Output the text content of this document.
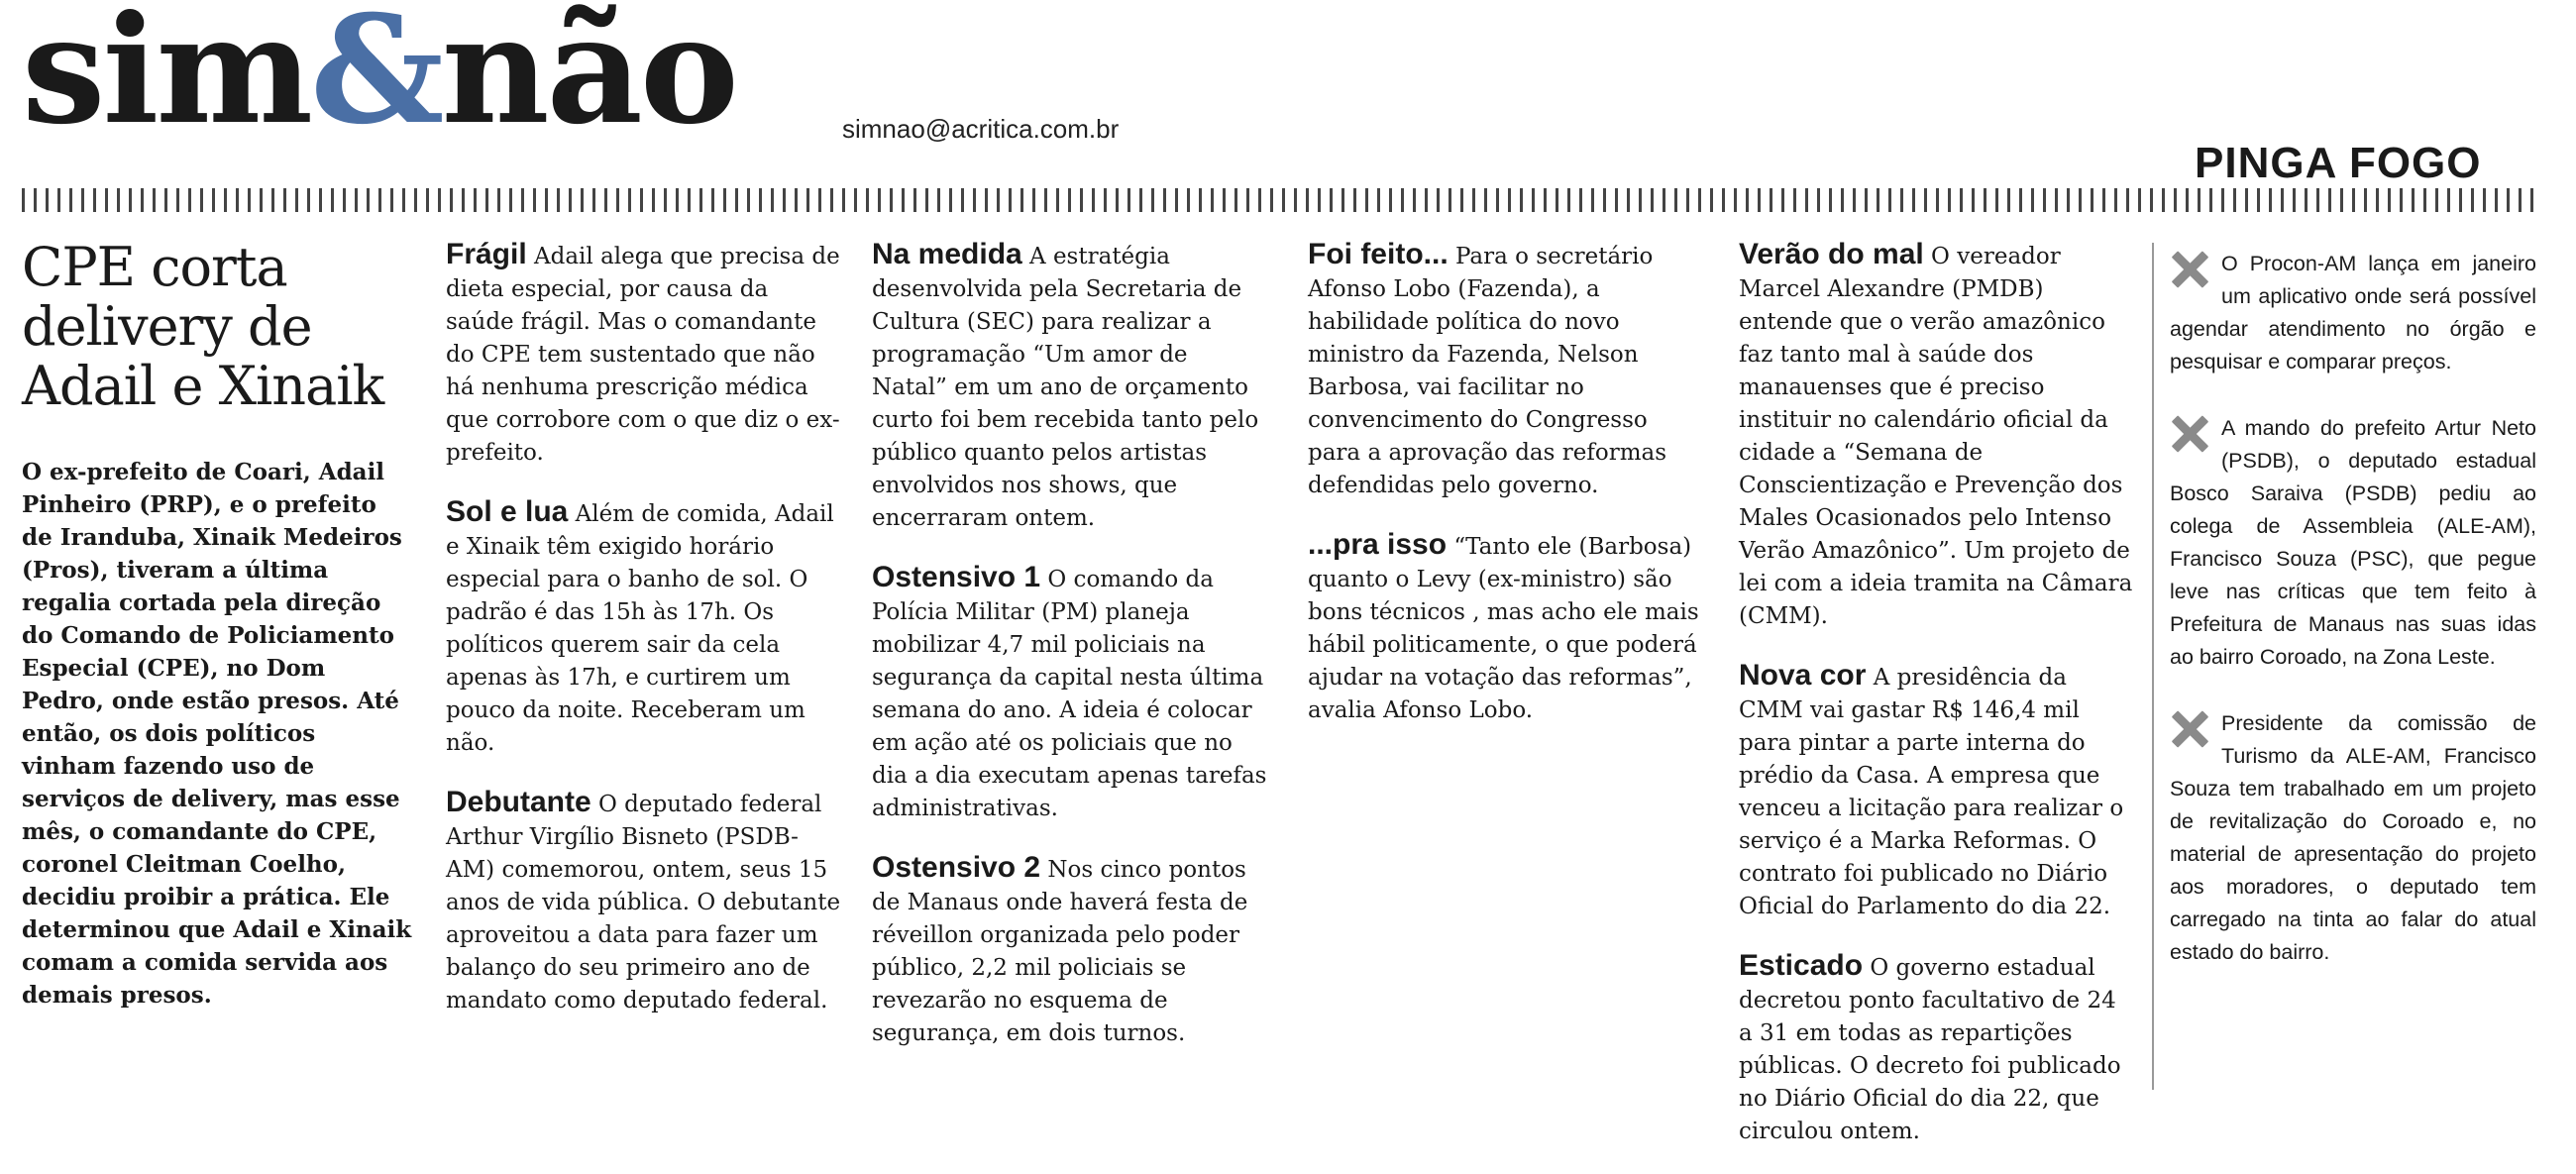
sim&não	simnao@acritica.com.br
PINGA FOGO
CPE corta delivery de Adail e Xinaik

O ex-prefeito de Coari, Adail Pinheiro (PRP), e o prefeito de Iranduba, Xinaik Medeiros (Pros), tiveram a última regalia cortada pela direção do Comando de Policiamento Especial (CPE), no Dom Pedro, onde estão presos. Até então, os dois políticos vinham fazendo uso de serviços de delivery, mas esse mês, o comandante do CPE, coronel Cleitman Coelho, decidiu proibir a prática. Ele determinou que Adail e Xinaik comam a comida servida aos demais presos.

Frágil Adail alega que precisa de dieta especial, por causa da saúde frágil. Mas o comandante do CPE tem sustentado que não há nenhuma prescrição médica que corrobore com o que diz o ex-prefeito.

Sol e lua Além de comida, Adail e Xinaik têm exigido horário especial para o banho de sol. O padrão é das 15h às 17h. Os políticos querem sair da cela apenas às 17h, e curtirem um pouco da noite. Receberam um não.

Debutante O deputado federal Arthur Virgílio Bisneto (PSDB-AM) comemorou, ontem, seus 15 anos de vida pública. O debutante aproveitou a data para fazer um balanço do seu primeiro ano de mandato como deputado federal.

Na medida A estratégia desenvolvida pela Secretaria de Cultura (SEC) para realizar a programação “Um amor de Natal” em um ano de orçamento curto foi bem recebida tanto pelo público quanto pelos artistas envolvidos nos shows, que encerraram ontem.

Ostensivo 1 O comando da Polícia Militar (PM) planeja mobilizar 4,7 mil policiais na segurança da capital nesta última semana do ano. A ideia é colocar em ação até os policiais que no dia a dia executam apenas tarefas administrativas.

Ostensivo 2 Nos cinco pontos de Manaus onde haverá festa de réveillon organizada pelo poder público, 2,2 mil policiais se revezarão no esquema de segurança, em dois turnos.

Foi feito... Para o secretário Afonso Lobo (Fazenda), a habilidade política do novo ministro da Fazenda, Nelson Barbosa, vai facilitar no convencimento do Congresso para a aprovação das reformas defendidas pelo governo.

...pra isso “Tanto ele (Barbosa) quanto o Levy (ex-ministro) são bons técnicos , mas acho ele mais hábil politicamente, o que poderá ajudar na votação das reformas”, avalia Afonso Lobo.

Verão do mal O vereador Marcel Alexandre (PMDB) entende que o verão amazônico faz tanto mal à saúde dos manauenses que é preciso instituir no calendário oficial da cidade a “Semana de Conscientização e Prevenção dos Males Ocasionados pelo Intenso Verão Amazônico”. Um projeto de lei com a ideia tramita na Câmara (CMM).

Nova cor A presidência da CMM vai gastar R$ 146,4 mil para pintar a parte interna do prédio da Casa. A empresa que venceu a licitação para realizar o serviço é a Marka Reformas. O contrato foi publicado no Diário Oficial do Parlamento do dia 22.

Esticado O governo estadual decretou ponto facultativo de 24 a 31 em todas as repartições públicas. O decreto foi publicado no Diário Oficial do dia 22, que circulou ontem.

O Procon-AM lança em janeiro um aplicativo onde será possível agendar atendimento no órgão e pesquisar e comparar preços.
A mando do prefeito Artur Neto (PSDB), o deputado estadual Bosco Saraiva (PSDB) pediu ao colega de Assembleia (ALE-AM), Francisco Souza (PSC), que pegue leve nas críticas que tem feito à Prefeitura de Manaus nas suas idas ao bairro Coroado, na Zona Leste.
Presidente da comissão de Turismo da ALE-AM, Francisco Souza tem trabalhado em um projeto de revitalização do Coroado e, no material de apresentação do projeto aos moradores, o deputado tem carregado na tinta ao falar do atual estado do bairro.
